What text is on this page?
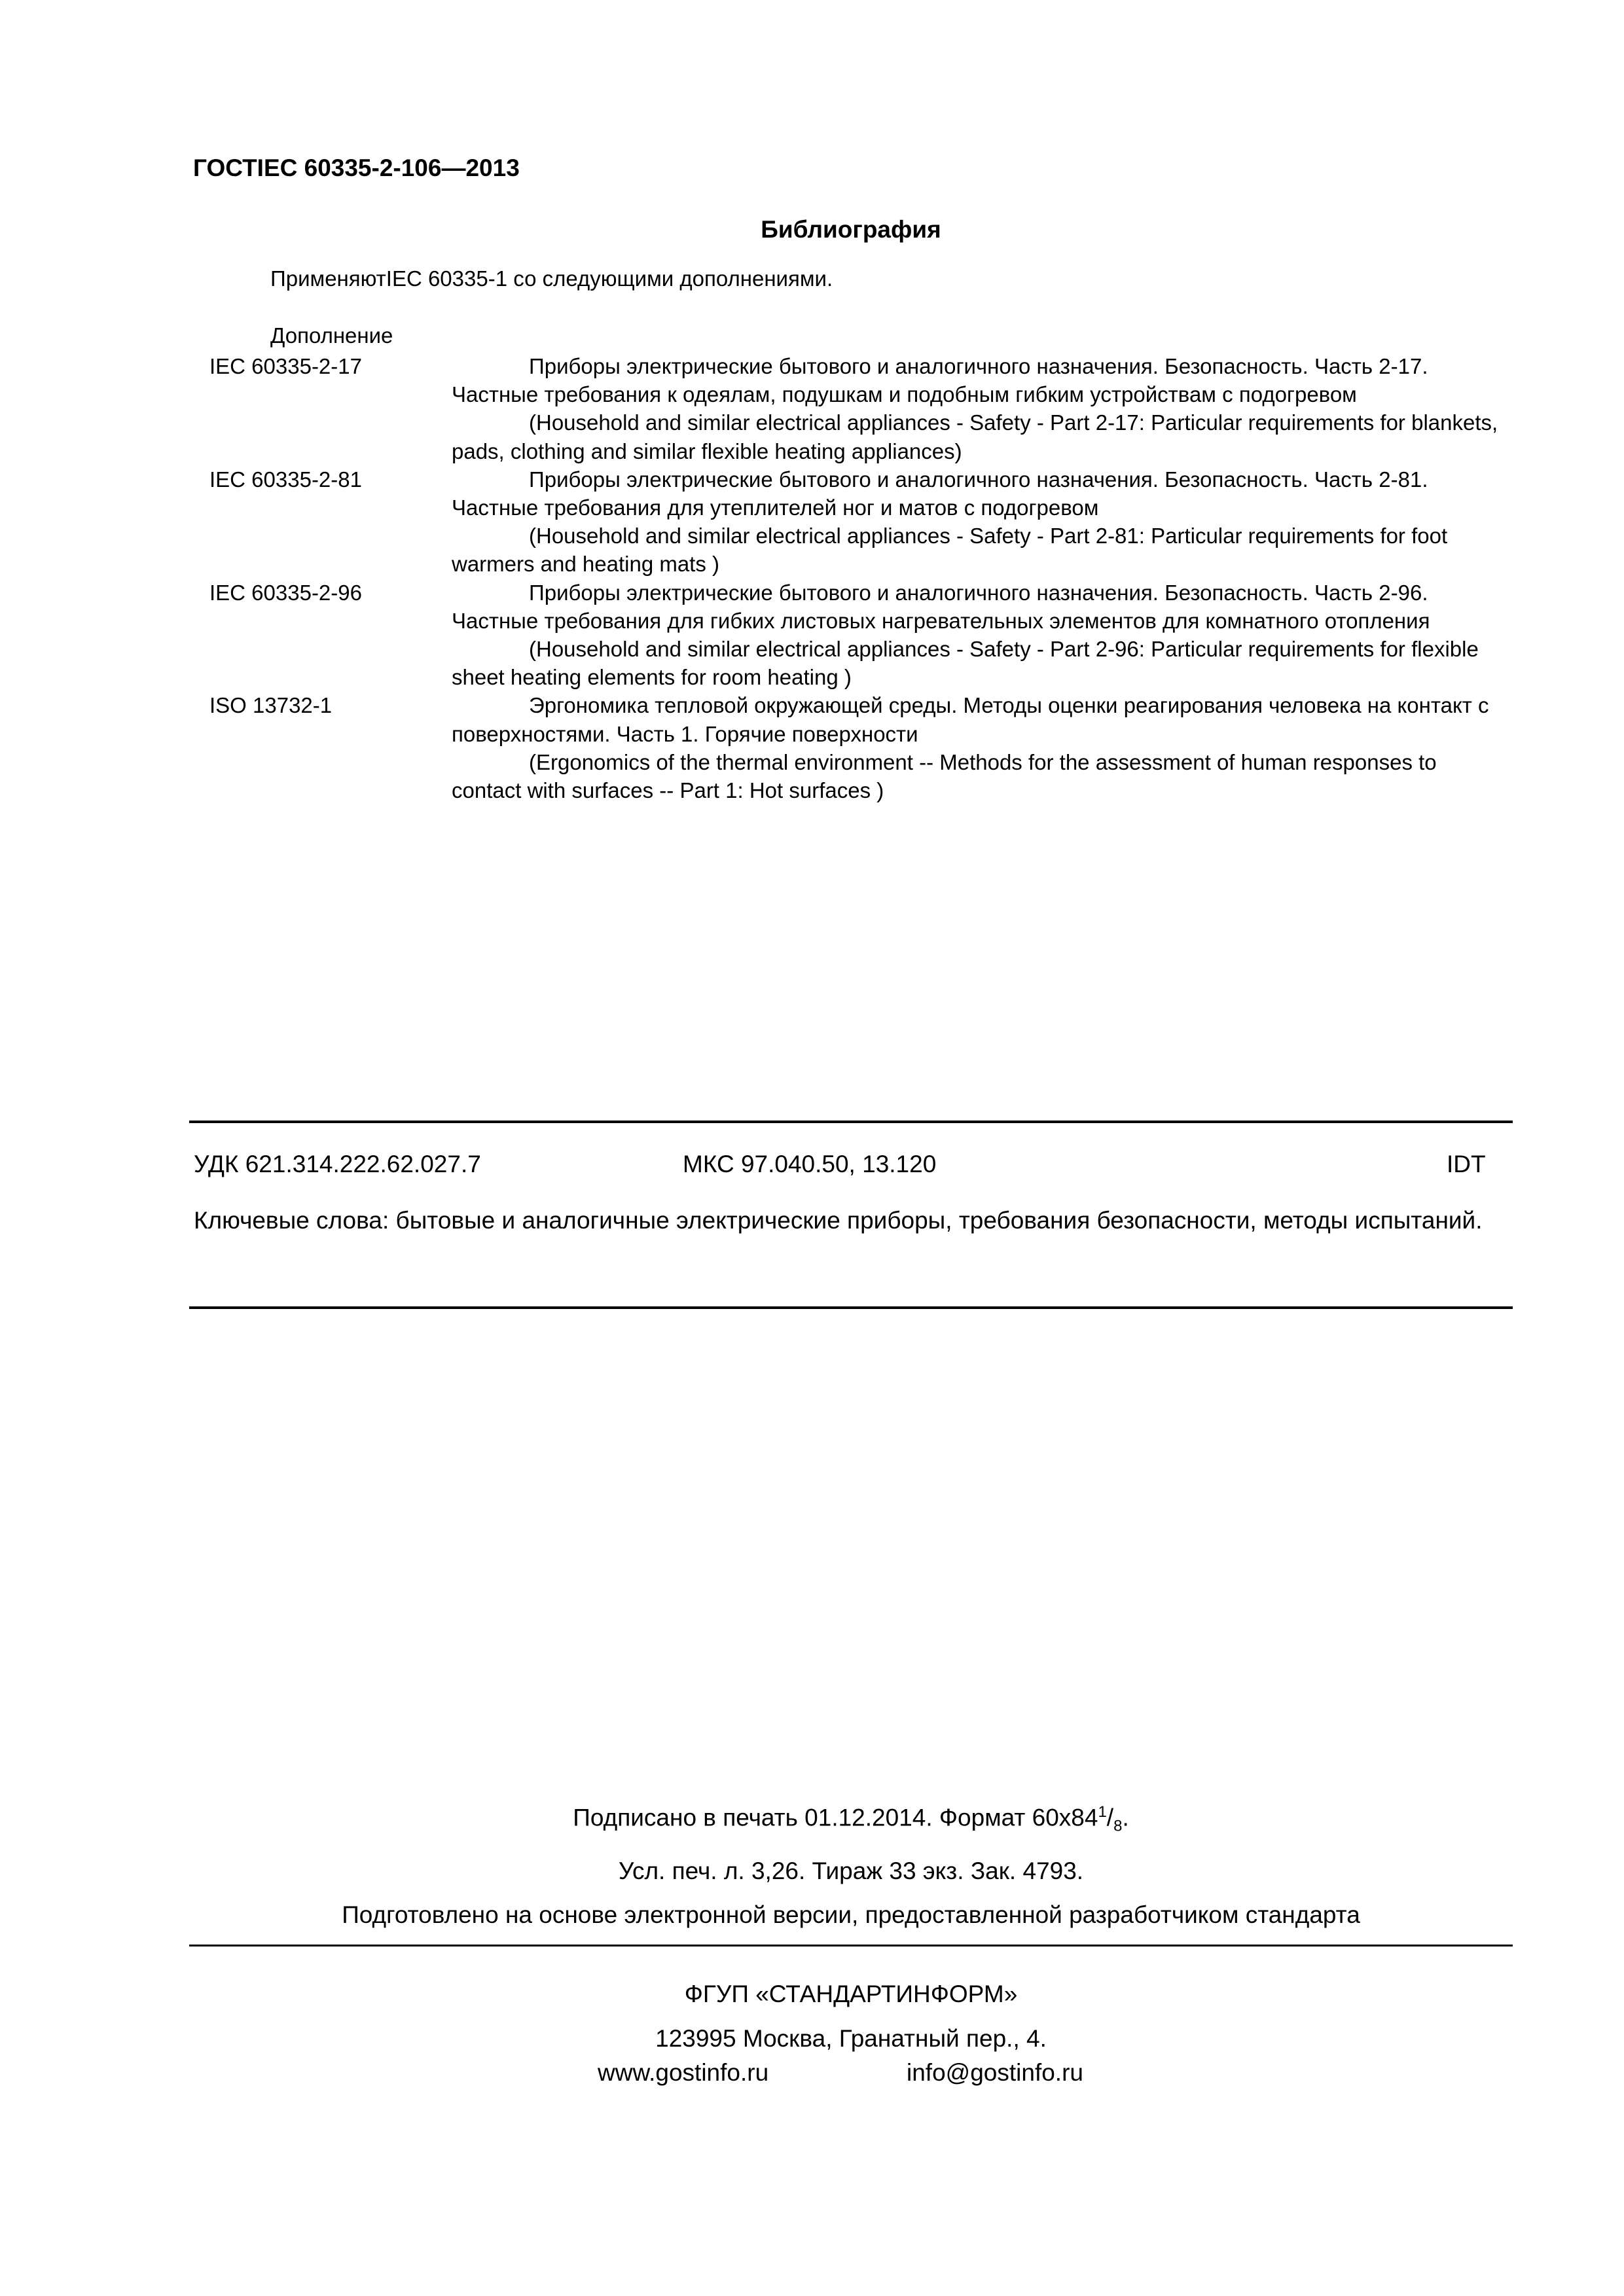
ГОСТIEC 60335-2-106—2013
Библиография
ПрименяютIEC 60335-1 со следующими дополнениями.
Дополнение
IEC 60335-2-17	Приборы электрические бытового и аналогичного назначения. Безопасность. Часть 2-17. Частные требования к одеялам, подушкам и подобным гибким устройствам с подогревом

(Household and similar electrical appliances - Safety - Part 2-17: Particular requirements for blankets, pads, clothing and similar flexible heating appliances)

IEC 60335-2-81	Приборы электрические бытового и аналогичного назначения. Безопасность. Часть 2-81. Частные требования для утеплителей ног и матов с подогревом

(Household and similar electrical appliances - Safety - Part 2-81: Particular requirements for foot warmers and heating mats )

IEC 60335-2-96	Приборы электрические бытового и аналогичного назначения. Безопасность. Часть 2-96. Частные требования для гибких листовых нагревательных элементов для комнатного отопления

(Household and similar electrical appliances - Safety - Part 2-96: Particular requirements for flexible sheet heating elements for room heating )

ISO 13732-1	Эргономика тепловой окружающей среды. Методы оценки реагирования человека на контакт с поверхностями. Часть 1. Горячие поверхности

(Ergonomics of the thermal environment -- Methods for the assessment of human responses to contact with surfaces -- Part 1: Hot surfaces )

УДК 621.314.222.62.027.7	МКС 97.040.50, 13.120	IDT
Ключевые слова: бытовые и аналогичные электрические приборы, требования безопасности, методы испытаний.
Подписано в печать 01.12.2014. Формат $60x84^1/_8$.
Усл. печ. л. 3,26. Тираж 33 экз. Зак. 4793.
Подготовлено на основе электронной версии, предоставленной разработчиком стандарта
ФГУП «СТАНДАРТИНФОРМ»
123995 Москва, Гранатный пер., 4.
www.gostinfo.ru	info@gostinfo.ru
